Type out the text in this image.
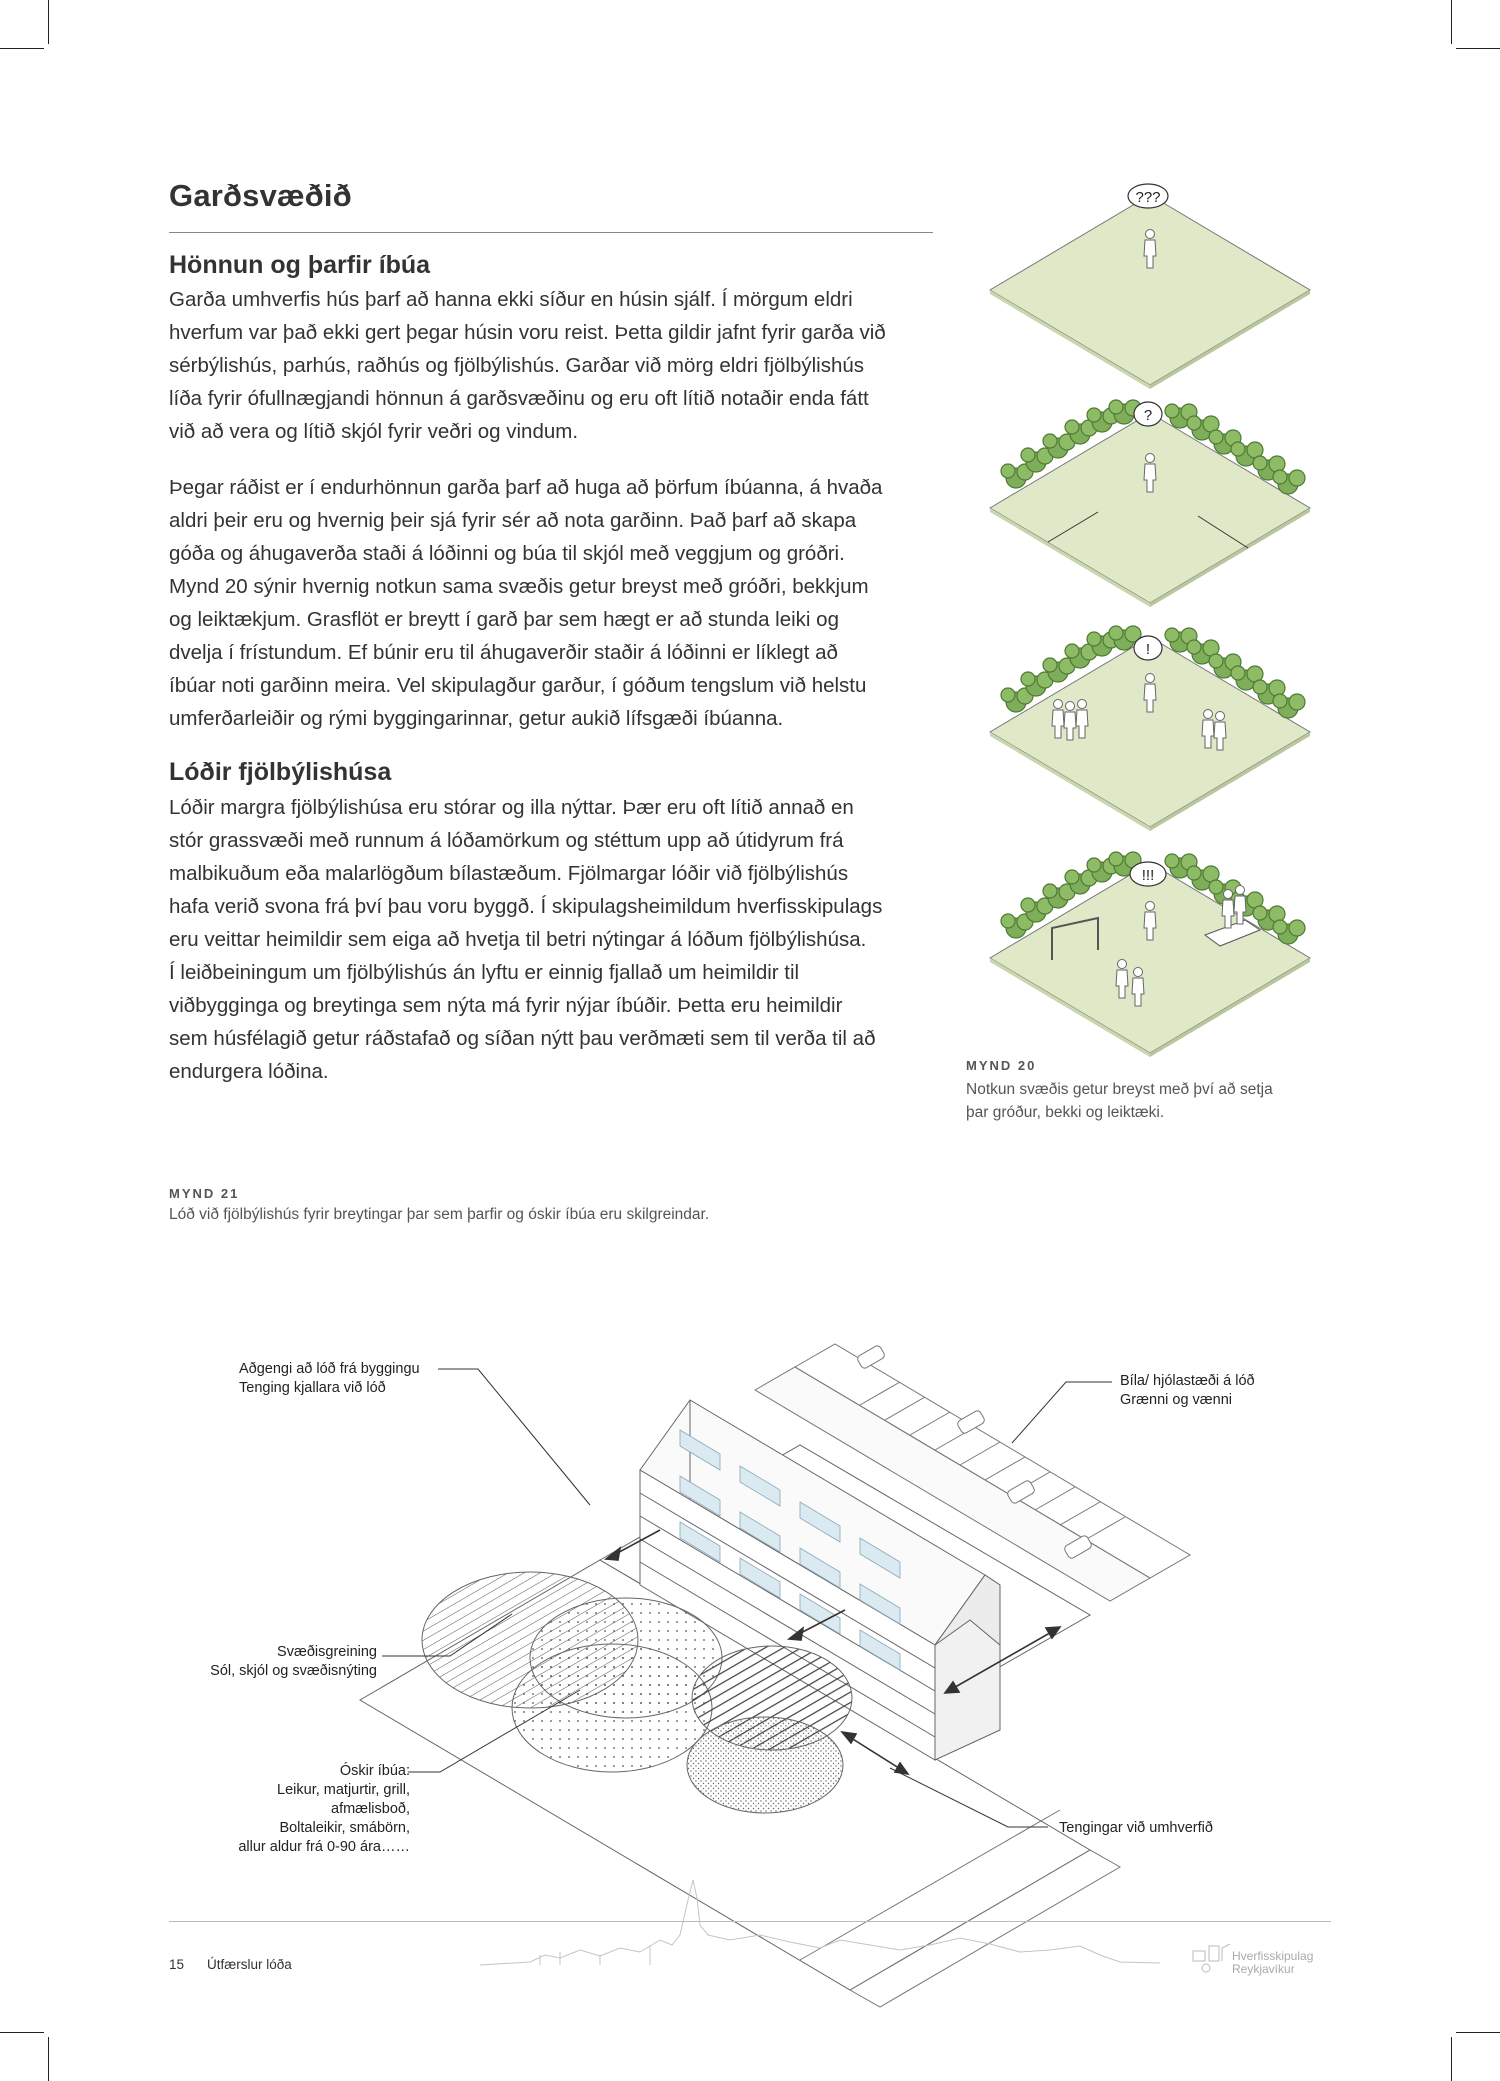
Garðsvæðið
Hönnun og þarfir íbúa
Garða umhverfis hús þarf að hanna ekki síður en húsin sjálf. Í mörgum eldri
hverfum var það ekki gert þegar húsin voru reist. Þetta gildir jafnt fyrir garða við
sérbýlishús, parhús, raðhús og fjölbýlishús. Garðar við mörg eldri fjölbýlishús
líða fyrir ófullnægjandi hönnun á garðsvæðinu og eru oft lítið notaðir enda fátt
við að vera og lítið skjól fyrir veðri og vindum.
Þegar ráðist er í endurhönnun garða þarf að huga að þörfum íbúanna, á hvaða
aldri þeir eru og hvernig þeir sjá fyrir sér að nota garðinn. Það þarf að skapa
góða og áhugaverða staði á lóðinni og búa til skjól með veggjum og gróðri.
Mynd 20 sýnir hvernig notkun sama svæðis getur breyst með gróðri, bekkjum
og leiktækjum. Grasflöt er breytt í garð þar sem hægt er að stunda leiki og
dvelja í frístundum. Ef búnir eru til áhugaverðir staðir á lóðinni er líklegt að
íbúar noti garðinn meira. Vel skipulagður garður, í góðum tengslum við helstu
umferðarleiðir og rými byggingarinnar, getur aukið lífsgæði íbúanna.
Lóðir fjölbýlishúsa
Lóðir margra fjölbýlishúsa eru stórar og illa nýttar. Þær eru oft lítið annað en
stór grassvæði með runnum á lóðamörkum og stéttum upp að útidyrum frá
malbikuðum eða malarlögðum bílastæðum. Fjölmargar lóðir við fjölbýlishús
hafa verið svona frá því þau voru byggð. Í skipulagsheimildum hverfisskipulags
eru veittar heimildir sem eiga að hvetja til betri nýtingar á lóðum fjölbýlishúsa.
Í leiðbeiningum um fjölbýlishús án lyftu er einnig fjallað um heimildir til
viðbygginga og breytinga sem nýta má fyrir nýjar íbúðir. Þetta eru heimildir
sem húsfélagið getur ráðstafað og síðan nýtt þau verðmæti sem til verða til að
endurgera lóðina.
???
?
!
!!!
MYND 20
Notkun svæðis getur breyst með því að setja
þar gróður, bekki og leiktæki.
MYND 21
Lóð við fjölbýlishús fyrir breytingar þar sem þarfir og óskir íbúa eru skilgreindar.
Aðgengi að lóð frá byggingu
Tenging kjallara við lóð	Bíla/ hjólastæði á lóð
Grænni og vænni
Svæðisgreining
Sól, skjól og svæðisnýting
Óskir íbúa:
Leikur, matjurtir, grill,
afmælisboð,
Boltaleikir, smábörn,
allur aldur frá 0-90 ára……
Tengingar við umhverfið
15 Útfærslur lóða
Hverfisskipulag
Reykjavíkur
